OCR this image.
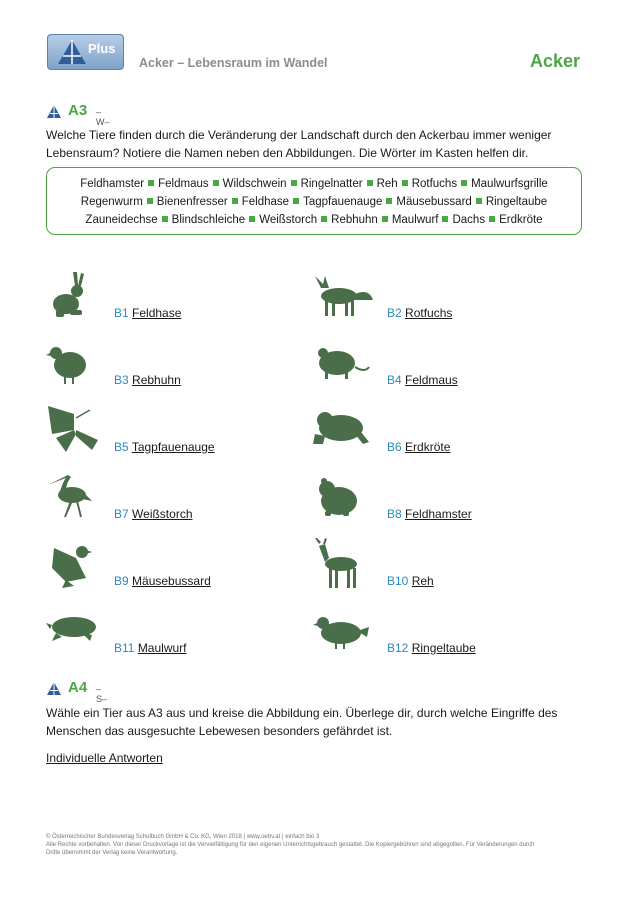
Plus
Acker – Lebensraum im Wandel	Acker
A3 –W–
Welche Tiere finden durch die Veränderung der Landschaft durch den Ackerbau immer weniger
Lebensraum? Notiere die Namen neben den Abbildungen. Die Wörter im Kasten helfen dir.
Feldhamster Feldmaus Wildschwein Ringelnatter Reh Rotfuchs Maulwurfsgrille
Regenwurm Bienenfresser Feldhase Tagpfauenauge Mäusebussard Ringeltaube
Zauneidechse Blindschleiche Weißstorch Rebhuhn Maulwurf Dachs Erdkröte
B1 Feldhase	B2 Rotfuchs
B3 Rebhuhn	B4 Feldmaus
B5 Tagpfauenauge	B6 Erdkröte
B7 Weißstorch	B8 Feldhamster
B9 Mäusebussard	B10 Reh
B11 Maulwurf	B12 Ringeltaube
A4 –S–
Wähle ein Tier aus A3 aus und kreise die Abbildung ein. Überlege dir, durch welche Eingriffe des
Menschen das ausgesuchte Lebewesen besonders gefährdet ist.
Individuelle Antworten
© Österreichischer Bundesverlag Schulbuch GmbH & Co. KG, Wien 2018 | www.oebv.at | einfach bio 3
Alle Rechte vorbehalten. Von dieser Druckvorlage ist die Vervielfältigung für den eigenen Unterrichtsgebrauch gestattet. Die Kopiergebühren sind abgegolten. Für Veränderungen durch
Dritte übernimmt der Verlag keine Verantwortung.
